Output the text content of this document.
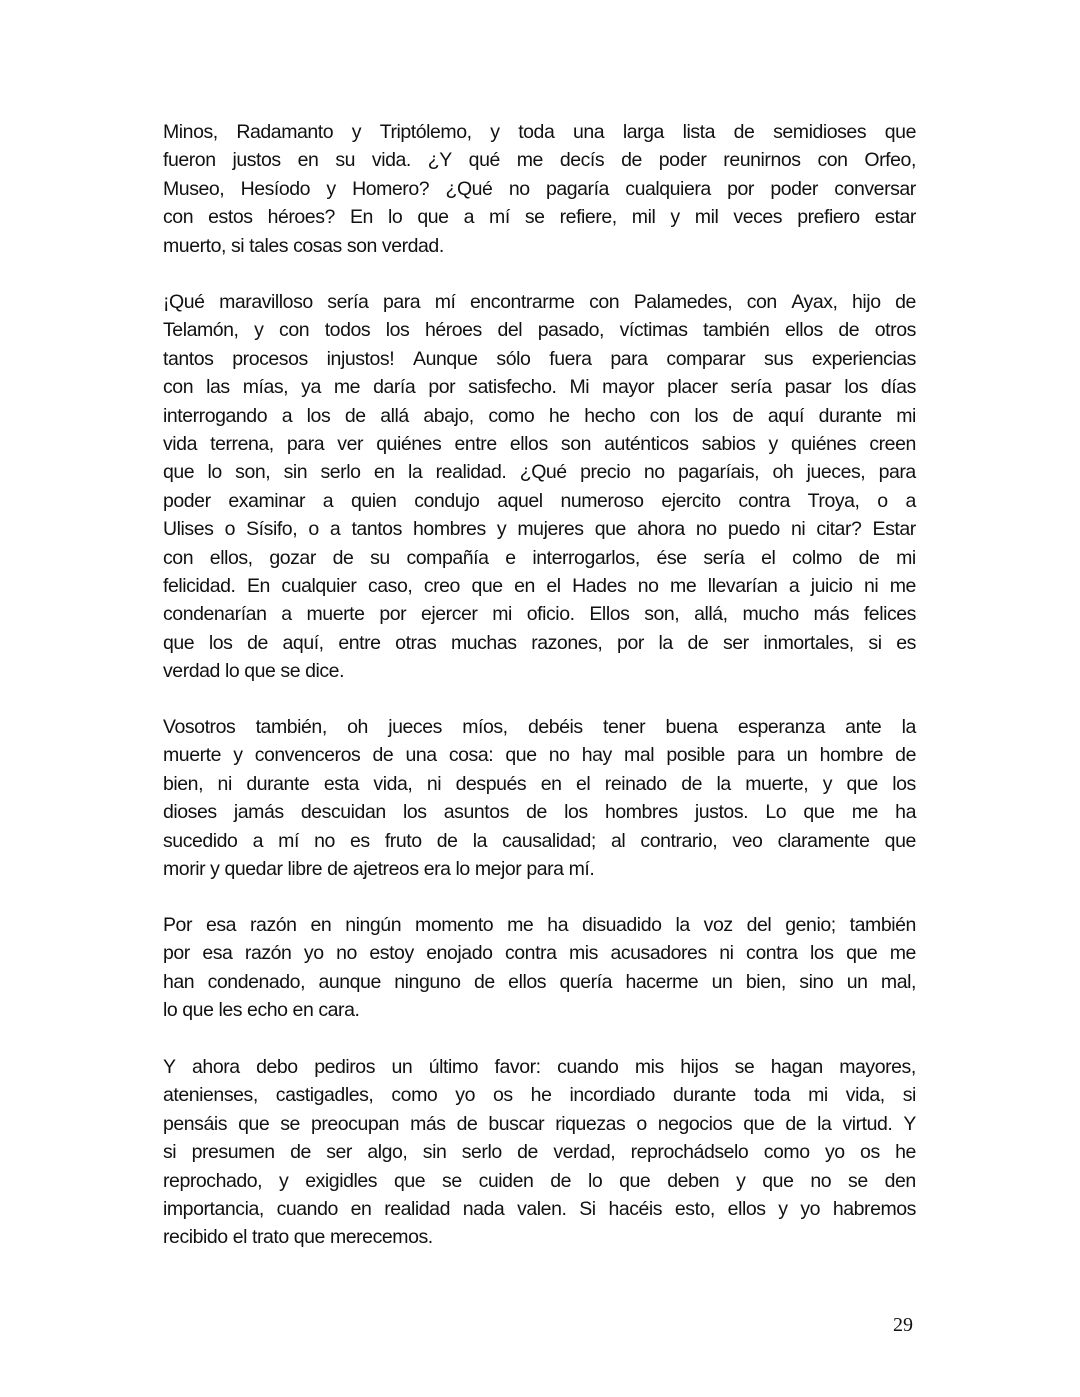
Minos, Radamanto y Triptólemo, y toda una larga lista de semidioses que
fueron justos en su vida. ¿Y qué me decís de poder reunirnos con Orfeo,
Museo, Hesíodo y Homero? ¿Qué no pagaría cualquiera por poder conversar
con estos héroes? En lo que a mí se refiere, mil y mil veces prefiero estar
muerto, si tales cosas son verdad.
¡Qué maravilloso sería para mí encontrarme con Palamedes, con Ayax, hijo de
Telamón, y con todos los héroes del pasado, víctimas también ellos de otros
tantos procesos injustos! Aunque sólo fuera para comparar sus experiencias
con las mías, ya me daría por satisfecho. Mi mayor placer sería pasar los días
interrogando a los de allá abajo, como he hecho con los de aquí durante mi
vida terrena, para ver quiénes entre ellos son auténticos sabios y quiénes creen
que lo son, sin serlo en la realidad. ¿Qué precio no pagaríais, oh jueces, para
poder examinar a quien condujo aquel numeroso ejercito contra Troya, o a
Ulises o Sísifo, o a tantos hombres y mujeres que ahora no puedo ni citar? Estar
con ellos, gozar de su compañía e interrogarlos, ése sería el colmo de mi
felicidad. En cualquier caso, creo que en el Hades no me llevarían a juicio ni me
condenarían a muerte por ejercer mi oficio. Ellos son, allá, mucho más felices
que los de aquí, entre otras muchas razones, por la de ser inmortales, si es
verdad lo que se dice.
Vosotros también, oh jueces míos, debéis tener buena esperanza ante la
muerte y convenceros de una cosa: que no hay mal posible para un hombre de
bien, ni durante esta vida, ni después en el reinado de la muerte, y que los
dioses jamás descuidan los asuntos de los hombres justos. Lo que me ha
sucedido a mí no es fruto de la causalidad; al contrario, veo claramente que
morir y quedar libre de ajetreos era lo mejor para mí.
Por esa razón en ningún momento me ha disuadido la voz del genio; también
por esa razón yo no estoy enojado contra mis acusadores ni contra los que me
han condenado, aunque ninguno de ellos quería hacerme un bien, sino un mal,
lo que les echo en cara.
Y ahora debo pediros un último favor: cuando mis hijos se hagan mayores,
atenienses, castigadles, como yo os he incordiado durante toda mi vida, si
pensáis que se preocupan más de buscar riquezas o negocios que de la virtud. Y
si presumen de ser algo, sin serlo de verdad, reprochádselo como yo os he
reprochado, y exigidles que se cuiden de lo que deben y que no se den
importancia, cuando en realidad nada valen. Si hacéis esto, ellos y yo habremos
recibido el trato que merecemos.
29
